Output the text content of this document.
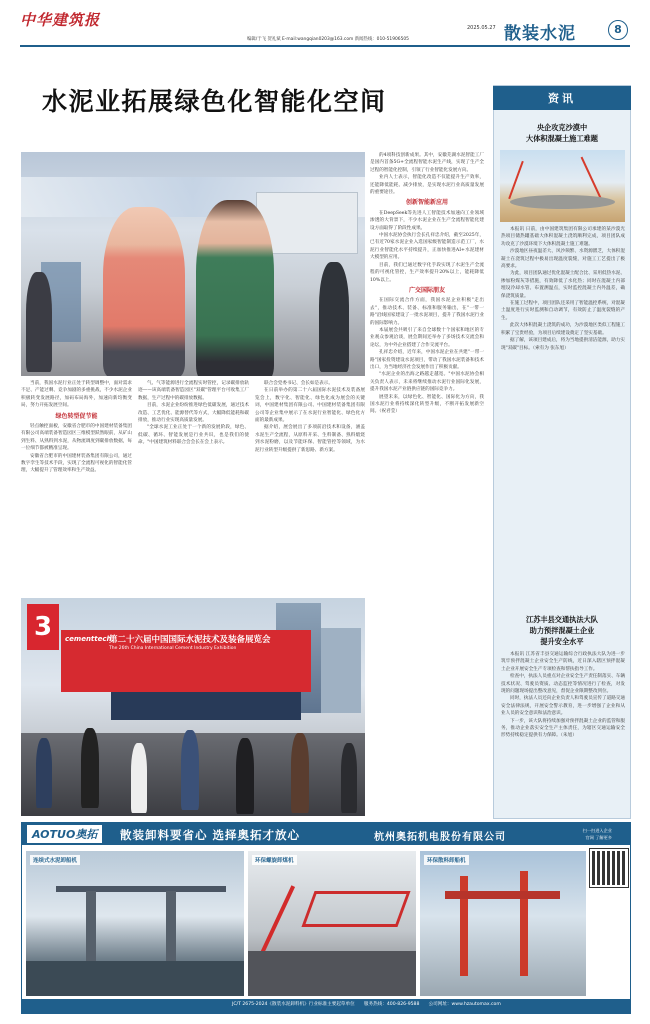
中华建筑报
编辑/于飞 贺礼斌 E-mail:wangqian0203@163.com 新闻热线：010-51906505
2025.05.27 散装水泥	8
水泥业拓展绿色化智能化空间

当前，我国水泥行业正处于转型调整中，面对需求不足、产能过剩、竞争加剧的多重挑战，不少水泥企业积极转变发展路径，加码布局海外，加速向新均衡变局，努力开拓发展空间。

绿色转型促节能

轻点触控面板，安徽省合肥市的中国建材装备集团有限公司高端装备智造园区三维模型跃然眼前，从矿山到生料、从熟料到水泥，从物流调度到碳排放数据，每一位细节都被精准呈现。

安徽省合肥市的中国建材装备集团有限公司，通过数字孪生等技术手段，实现了全流程可视化的智能化管理，大幅提升了管理效率和生产效益。

气、气等能源进行全流程实时管控，记录碳排放轨迹——该高端装备智造园区"双碳"管理平台可收集工厂数据，生产过程中的碳排放数据。

目前，水泥企业纷纷推进绿色低碳发展，通过技术改造、工艺优化、能源替代等方式，大幅降低能耗和碳排放，推动行业实现高质量发展。

"全球水泥工业正处于一个新的发展阶段，绿色、低碳、循环、智能发展是行业共识，也是我们的使命。"中国建筑材料联合会会长在会上表示。

联合会党委书记、会长如是表示。

在日前举办的第二十六届国际水泥技术及装备展览会上，数字化、智能化、绿色化成为展会的关键词，中国建材集团有限公司、中国建材装备集团有限公司等企业集中展示了在水泥行业智能化、绿色化方面的最新成果。

据介绍，展会展出了多项前沿技术和设备，涵盖水泥生产全流程，从原料开采、生料制备、熟料煅烧到水泥粉磨，以及节能环保、智能管控等领域，为水泥行业转型升级提供了新思路、新方案。

3	cementtech
第二十六届中国国际水泥技术及装备展览会
The 26th China International Cement Industry Exhibition

的4项科技创新成果。其中，安徽芜湖水泥智能工厂是国内首条5G+全流程智能水泥生产线，实现了生产全过程的智能化控制，引领了行业智能化发展方向。

业内人士表示，智能化改造不仅能提升生产效率，还能降低能耗、减少排放，是实现水泥行业高质量发展的重要途径。

创新智能新应用

在DeepSeek等先进人工智能技术加速向工业领域渗透的大背景下，不少水泥企业在生产全流程智能化建设方面取得了阶段性成果。

中国水泥协会执行会长孔祥忠介绍，截至2025年，已有近70家水泥企业入选国家级智能制造示范工厂，水泥行业智能化水平持续提升，正加快推进AI+水泥建材大模型的应用。

目前，我们已通过数字化手段实现了水泥生产全流程的可视化管控，生产效率提升20%以上，能耗降低10%以上。

广交国际朋友

在国际交流合作方面，我国水泥企业积极"走出去"，推动技术、装备、标准和服务输出，在"一带一路"沿线国家建设了一批水泥项目，提升了我国水泥行业的国际影响力。

本届展会共吸引了来自全球数十个国家和地区的专业观众参观洽谈，展会期间还举办了多场技术交流会和论坛，为中外企业搭建了合作交流平台。

孔祥忠介绍，近年来，中国水泥企业在共建"一带一路"国家投资建设水泥项目，带动了我国水泥装备和技术出口，为当地经济社会发展作出了积极贡献。

"水泥企业的出海之路越走越宽。"中国水泥协会相关负责人表示，未来将继续推动水泥行业国际化发展，提升我国水泥产业链供应链的国际竞争力。

展望未来，以绿色化、智能化、国际化为方向，我国水泥行业将持续深化转型升级，不断开拓发展新空间。（祝君莹）

资讯
央企攻克沙漠中
大体积混凝土施工难题

本报讯 日前，由中国建筑集团有限公司承建的某沙漠光热项目储热罐基础大体积混凝土浇筑顺利完成，项目团队成功攻克了沙漠环境下大体积混凝土施工难题。

沙漠地区昼夜温差大、风沙频繁、水资源匮乏，大体积混凝土在浇筑过程中极易出现温度裂缝，对施工工艺提出了极高要求。

为此，项目团队通过优化混凝土配合比、采用低热水泥、掺加粉煤灰等措施，有效降低了水化热；同时在混凝土内部埋设冷却水管、布置测温点，实时监控混凝土内外温差，确保浇筑质量。

在施工过程中，项目团队还采用了智能温控系统，对混凝土温度进行实时监测和自动调节，有效防止了温度裂缝的产生。

此次大体积混凝土浇筑的成功，为沙漠地区类似工程施工积累了宝贵经验，为项目后续建设奠定了坚实基础。

据了解，该项目建成后，将为当地提供清洁能源，助力实现"双碳"目标。（索有为 张东旭）

江苏丰县交通执法大队
助力预拌混凝土企业
提升安全水平

本报讯 江苏省丰县交通运输综合行政执法大队为进一步筑牢预拌混凝土企业安全生产防线，近日深入辖区预拌混凝土企业开展安全生产专项检查和帮扶指导工作。

检查中，执法人员重点对企业安全生产责任制落实、车辆技术状况、驾驶员资质、动态监控等情况进行了检查，对发现的问题现场提出整改意见，督促企业限期整改到位。

同时，执法人员还向企业负责人和驾驶员宣传了道路交通安全法律法规，开展安全警示教育，进一步增强了企业和从业人员的安全意识和法治意识。

下一步，该大队将持续加强对预拌混凝土企业的监管和服务，推动企业落实安全生产主体责任，为辖区交通运输安全形势持续稳定提供有力保障。（朱旭）

AOTUO奥拓	散装卸料要省心 选择奥拓才放心	杭州奥拓机电股份有限公司
扫一扫进入企业
官网 了解更多
连续式水泥卸船机	环保螺旋卸煤机	环保散料卸船机
JC/T 2675-2024《散装水泥卸料机》行业标准主要起草单位　　服务热线：400-826-9588　　公司网址：www.hzautomax.com
